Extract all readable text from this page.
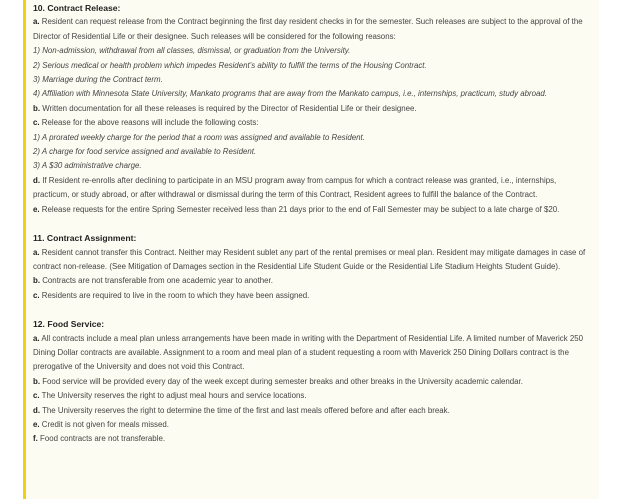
10. Contract Release:
a. Resident can request release from the Contract beginning the first day resident checks in for the semester. Such releases are subject to the approval of the Director of Residential Life or their designee. Such releases will be considered for the following reasons:
1) Non-admission, withdrawal from all classes, dismissal, or graduation from the University.
2) Serious medical or health problem which impedes Resident’s ability to fulfill the terms of the Housing Contract.
3) Marriage during the Contract term.
4) Affiliation with Minnesota State University, Mankato programs that are away from the Mankato campus, i.e., internships, practicum, study abroad.
b. Written documentation for all these releases is required by the Director of Residential Life or their designee.
c. Release for the above reasons will include the following costs:
1) A prorated weekly charge for the period that a room was assigned and available to Resident.
2) A charge for food service assigned and available to Resident.
3) A $30 administrative charge.
d. If Resident re-enrolls after declining to participate in an MSU program away from campus for which a contract release was granted, i.e., internships, practicum, or study abroad, or after withdrawal or dismissal during the term of this Contract, Resident agrees to fulfill the balance of the Contract.
e. Release requests for the entire Spring Semester received less than 21 days prior to the end of Fall Semester may be subject to a late charge of $20.
11. Contract Assignment:
a. Resident cannot transfer this Contract. Neither may Resident sublet any part of the rental premises or meal plan. Resident may mitigate damages in case of contract non-release. (See Mitigation of Damages section in the Residential Life Student Guide or the Residential Life Stadium Heights Student Guide).
b. Contracts are not transferable from one academic year to another.
c. Residents are required to live in the room to which they have been assigned.
12. Food Service:
a. All contracts include a meal plan unless arrangements have been made in writing with the Department of Residential Life. A limited number of Maverick 250 Dining Dollar contracts are available. Assignment to a room and meal plan of a student requesting a room with Maverick 250 Dining Dollars contract is the prerogative of the University and does not void this Contract.
b. Food service will be provided every day of the week except during semester breaks and other breaks in the University academic calendar.
c. The University reserves the right to adjust meal hours and service locations.
d. The University reserves the right to determine the time of the first and last meals offered before and after each break.
e. Credit is not given for meals missed.
f. Food contracts are not transferable.
